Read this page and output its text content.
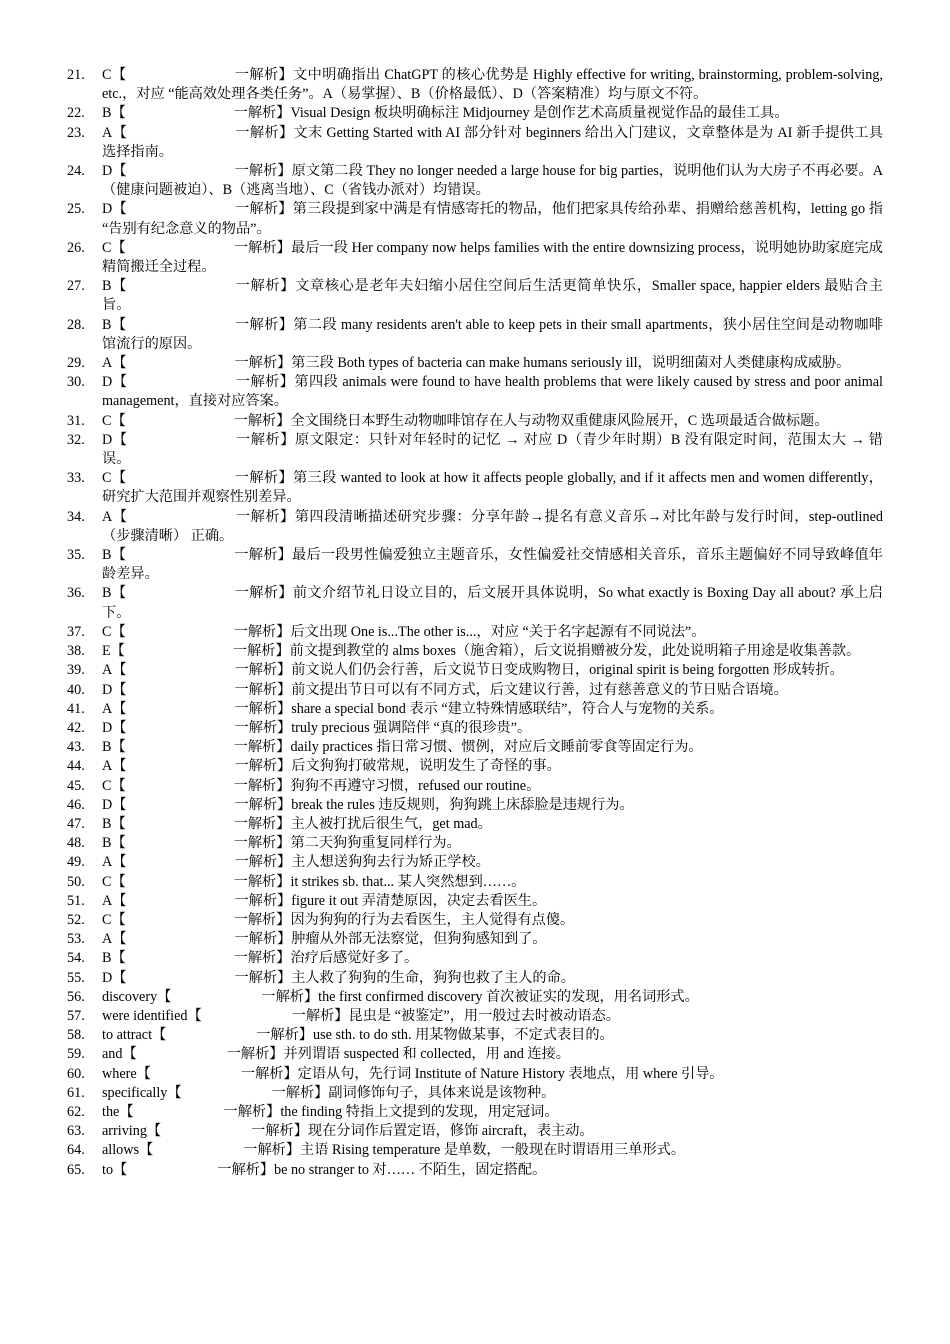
21.	C【	一解析】文中明确指出 ChatGPT 的核心优势是 Highly effective for writing, brainstorming, problem-solving, etc.，对应 “能高效处理各类任务”。A（易掌握）、B（价格最低）、D（答案精准）均与原文不符。
22.	B【	一解析】Visual Design 板块明确标注 Midjourney 是创作艺术高质量视觉作品的最佳工具。
23.	A【	一解析】文末 Getting Started with AI 部分针对 beginners 给出入门建议，文章整体是为 AI 新手提供工具选择指南。
24.	D【	一解析】原文第二段 They no longer needed a large house for big parties，说明他们认为大房子不再必要。A（健康问题被迫）、B（逃离当地）、C（省钱办派对）均错误。
25.	D【	一解析】第三段提到家中满是有情感寄托的物品，他们把家具传给孙辈、捐赠给慈善机构，letting go 指 “告别有纪念意义的物品”。
26.	C【	一解析】最后一段 Her company now helps families with the entire downsizing process，说明她协助家庭完成精简搬迁全过程。
27.	B【	一解析】文章核心是老年夫妇缩小居住空间后生活更简单快乐，Smaller space, happier elders 最贴合主旨。
28.	B【	一解析】第二段 many residents aren't able to keep pets in their small apartments，狭小居住空间是动物咖啡馆流行的原因。
29.	A【	一解析】第三段 Both types of bacteria can make humans seriously ill，说明细菌对人类健康构成威胁。
30.	D【	一解析】第四段 animals were found to have health problems that were likely caused by stress and poor animal management，直接对应答案。
31.	C【	一解析】全文围绕日本野生动物咖啡馆存在人与动物双重健康风险展开，C 选项最适合做标题。
32.	D【	一解析】原文限定：只针对年轻时的记忆 → 对应 D（青少年时期）B 没有限定时间，范围太大 → 错误。
33.	C【	一解析】第三段 wanted to look at how it affects people globally, and if it affects men and women differently，研究扩大范围并观察性别差异。
34.	A【	一解析】第四段清晰描述研究步骤：分享年龄→提名有意义音乐→对比年龄与发行时间，step-outlined（步骤清晰） 正确。
35.	B【	一解析】最后一段男性偏爱独立主题音乐，女性偏爱社交情感相关音乐，音乐主题偏好不同导致峰值年龄差异。
36.	B【	一解析】前文介绍节礼日设立目的，后文展开具体说明，So what exactly is Boxing Day all about? 承上启下。
37.	C【	一解析】后文出现 One is...The other is...，对应 “关于名字起源有不同说法”。
38.	E【	一解析】前文提到教堂的 alms boxes（施舍箱），后文说捐赠被分发，此处说明箱子用途是收集善款。
39.	A【	一解析】前文说人们仍会行善，后文说节日变成购物日，original spirit is being forgotten 形成转折。
40.	D【	一解析】前文提出节日可以有不同方式，后文建议行善，过有慈善意义的节日贴合语境。
41.	A【	一解析】share a special bond 表示 “建立特殊情感联结”，符合人与宠物的关系。
42.	D【	一解析】truly precious 强调陪伴 “真的很珍贵”。
43.	B【	一解析】daily practices 指日常习惯、惯例，对应后文睡前零食等固定行为。
44.	A【	一解析】后文狗狗打破常规，说明发生了奇怪的事。
45.	C【	一解析】狗狗不再遵守习惯，refused our routine。
46.	D【	一解析】break the rules 违反规则，狗狗跳上床舔脸是违规行为。
47.	B【	一解析】主人被打扰后很生气，get mad。
48.	B【	一解析】第二天狗狗重复同样行为。
49.	A【	一解析】主人想送狗狗去行为矫正学校。
50.	C【	一解析】it strikes sb. that... 某人突然想到……。
51.	A【	一解析】figure it out 弄清楚原因，决定去看医生。
52.	C【	一解析】因为狗狗的行为去看医生，主人觉得有点傻。
53.	A【	一解析】肿瘤从外部无法察觉，但狗狗感知到了。
54.	B【	一解析】治疗后感觉好多了。
55.	D【	一解析】主人救了狗狗的生命，狗狗也救了主人的命。
56.	discovery【	一解析】the first confirmed discovery 首次被证实的发现，用名词形式。
57.	were identified【	一解析】昆虫是 “被鉴定”，用一般过去时被动语态。
58.	to attract【	一解析】use sth. to do sth. 用某物做某事，不定式表目的。
59.	and【	一解析】并列谓语 suspected 和 collected，用 and 连接。
60.	where【	一解析】定语从句，先行词 Institute of Nature History 表地点，用 where 引导。
61.	specifically【	一解析】副词修饰句子，具体来说是该物种。
62.	the【	一解析】the finding 特指上文提到的发现，用定冠词。
63.	arriving【	一解析】现在分词作后置定语，修饰 aircraft，表主动。
64.	allows【	一解析】主语 Rising temperature 是单数，一般现在时谓语用三单形式。
65.	to【	一解析】be no stranger to 对…… 不陌生，固定搭配。
